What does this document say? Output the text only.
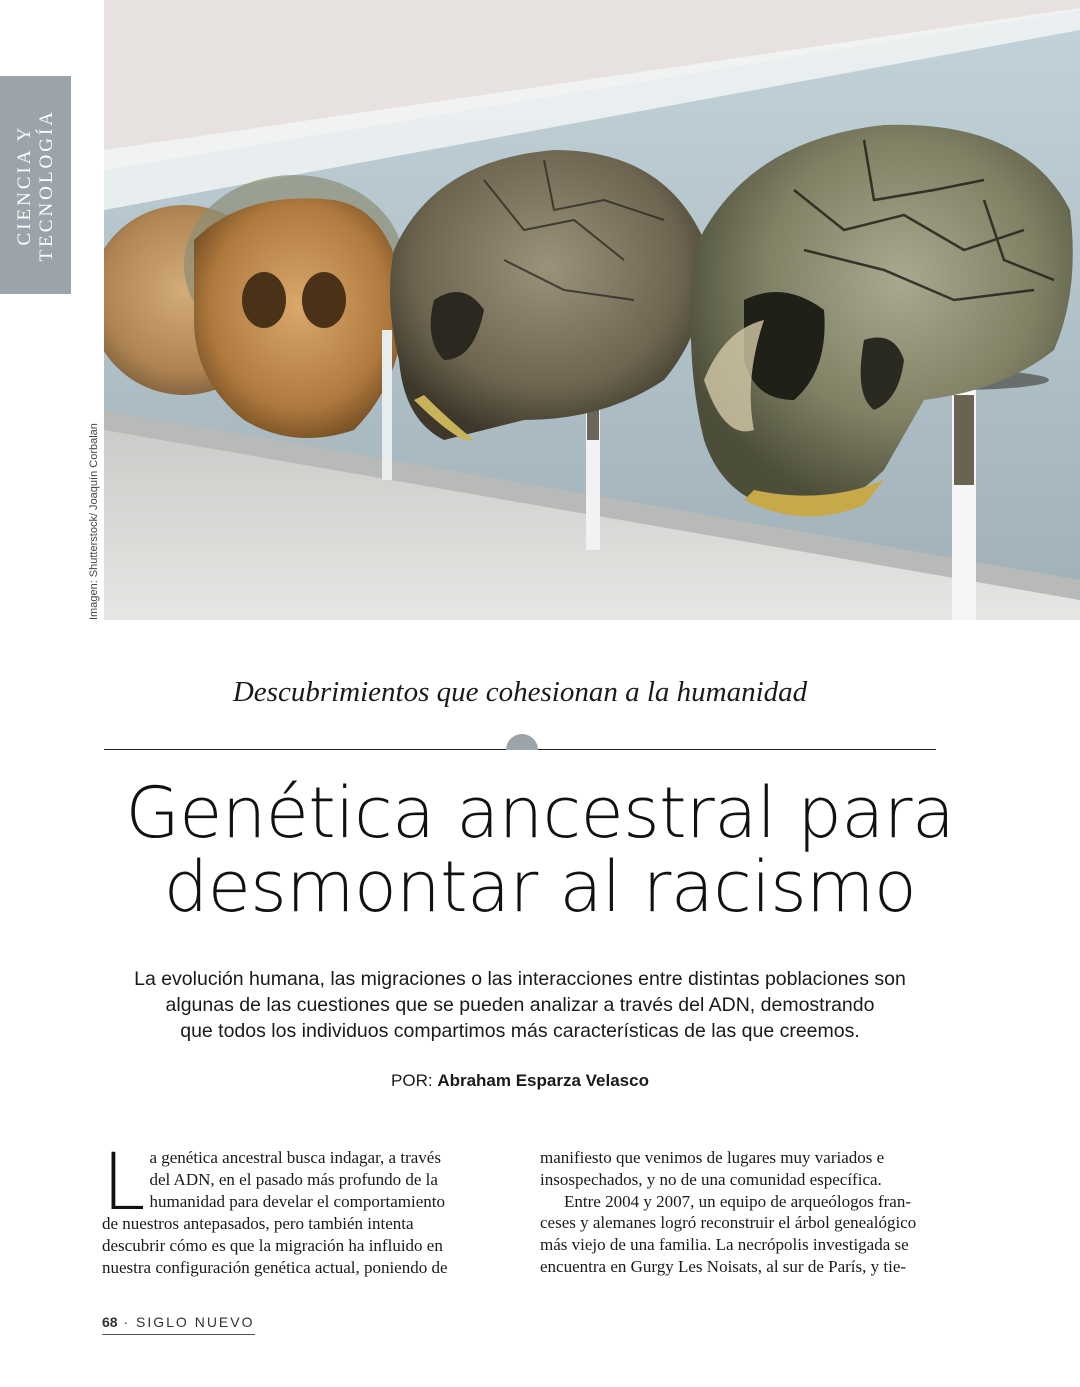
CIENCIA Y TECNOLOGÍA
Imagen: Shutterstock/ Joaquín Corbalan
Descubrimientos que cohesionan a la humanidad
Genética ancestral para
desmontar al racismo
La evolución humana, las migraciones o las interacciones entre distintas poblaciones son
algunas de las cuestiones que se pueden analizar a través del ADN, demostrando
que todos los individuos compartimos más características de las que creemos.
POR: Abraham Esparza Velasco
L a genética ancestral busca indagar, a través
del ADN, en el pasado más profundo de la
humanidad para develar el comportamiento
de nuestros antepasados, pero también intenta
descubrir cómo es que la migración ha influido en
nuestra configuración genética actual, poniendo de
manifiesto que venimos de lugares muy variados e
insospechados, y no de una comunidad específica.
Entre 2004 y 2007, un equipo de arqueólogos fran-
ceses y alemanes logró reconstruir el árbol genealógico
más viejo de una familia. La necrópolis investigada se
encuentra en Gurgy Les Noisats, al sur de París, y tie-
68 · SIGLO NUEVO
